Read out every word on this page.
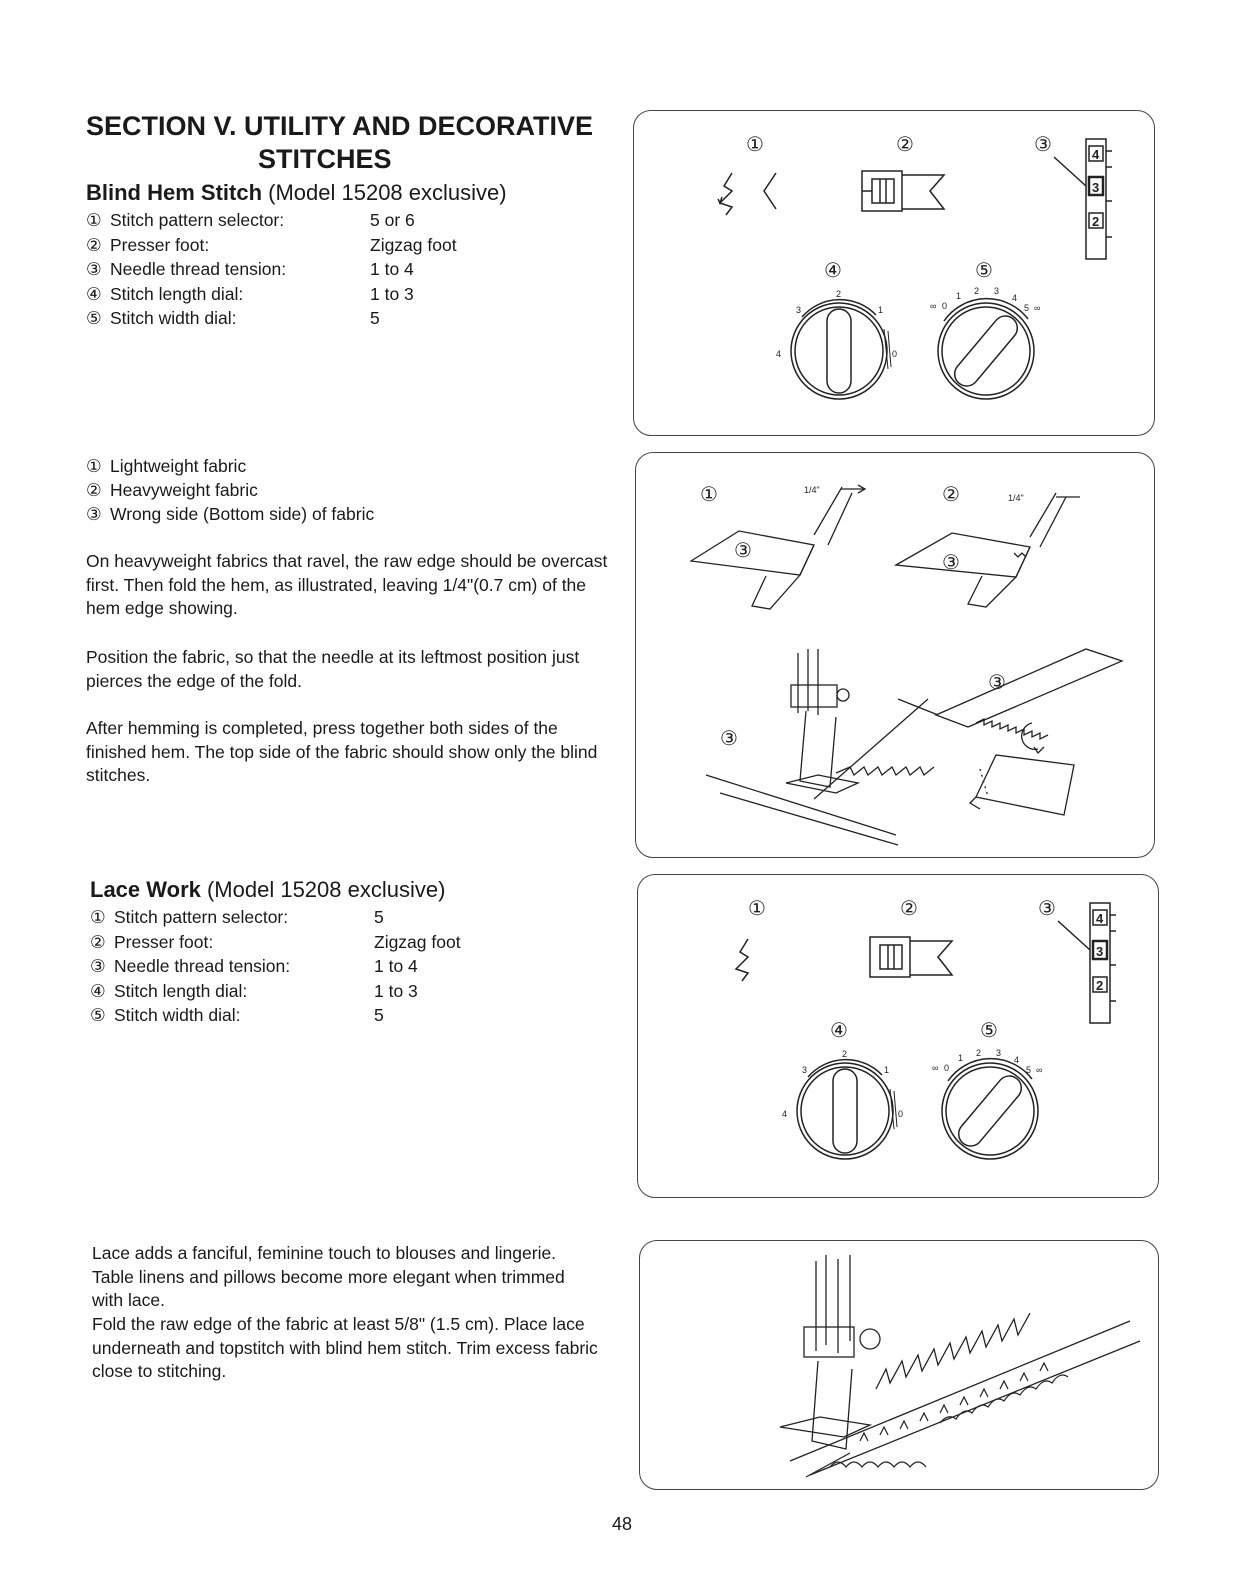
SECTION V. UTILITY AND DECORATIVE
STITCHES
Blind Hem Stitch (Model 15208 exclusive)
① Stitch pattern selector:	5 or 6
② Presser foot:	Zigzag foot
③ Needle thread tension:	1 to 4
④ Stitch length dial:	1 to 3
⑤ Stitch width dial:	5
① Lightweight fabric
② Heavyweight fabric
③ Wrong side (Bottom side) of fabric

On heavyweight fabrics that ravel, the raw edge should be overcast first. Then fold the hem, as illustrated, leaving 1/4"(0.7 cm) of the hem edge showing.

Position the fabric, so that the needle at its leftmost position just pierces the edge of the fold.

After hemming is completed, press together both sides of the finished hem. The top side of the fabric should show only the blind stitches.

Lace Work (Model 15208 exclusive)
① Stitch pattern selector:	5
② Presser foot:	Zigzag foot
③ Needle thread tension:	1 to 4
④ Stitch length dial:	1 to 3
⑤ Stitch width dial:	5

Lace adds a fanciful, feminine touch to blouses and lingerie. Table linens and pillows become more elegant when trimmed with lace.

Fold the raw edge of the fabric at least 5/8" (1.5 cm). Place lace underneath and topstitch with blind hem stitch. Trim excess fabric close to stitching.

①	②	③
④	⑤
4
3
2
3
2
1
4	0
∞ 0
1 2 3
4
5 ∞
①	②
1/4"
1/4"
③	③
③
③
①	②	③
④	⑤
4
3
2
3
2
1
4	0
∞ 0
1 2 3
4
5 ∞
48
